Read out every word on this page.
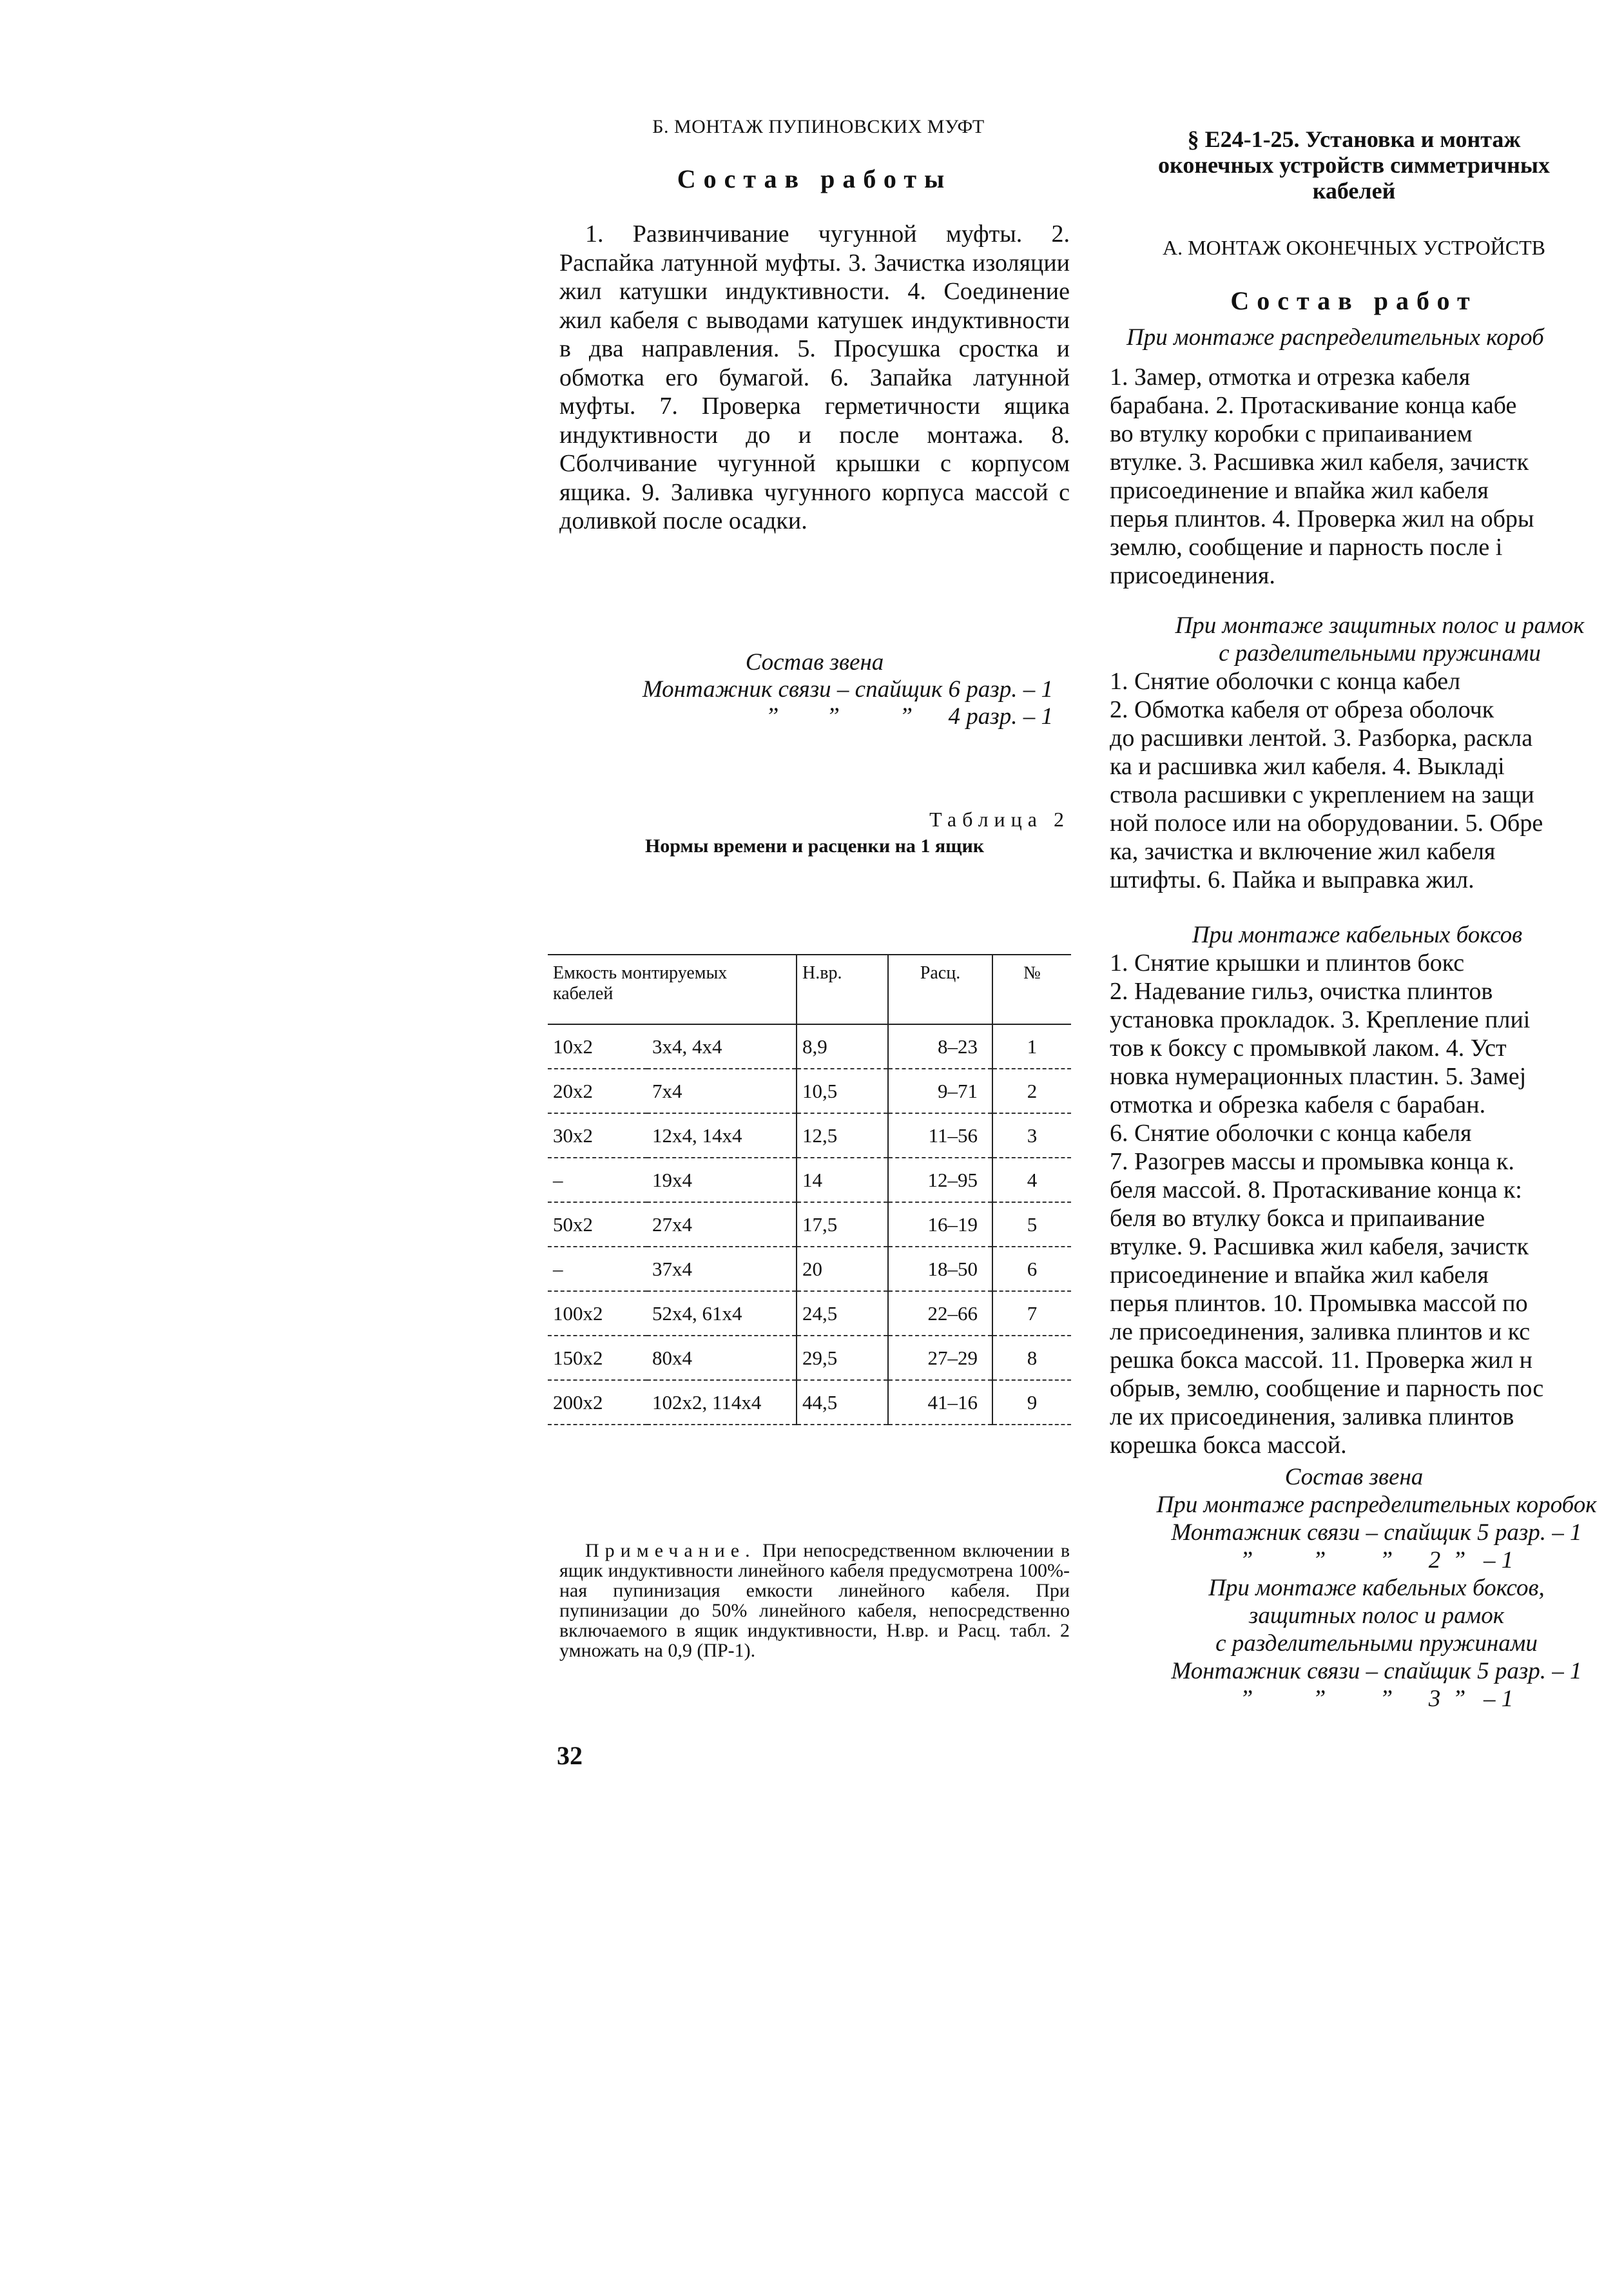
Б. МОНТАЖ ПУПИНОВСКИХ МУФТ
Состав работы
1. Развинчивание чугунной муфты. 2. Распайка латунной муфты. 3. Зачистка изоляции жил катушки индуктивности. 4. Соединение жил кабеля с выводами катушек индуктивности в два направления. 5. Просушка сростка и обмотка его бумагой. 6. Запайка латунной муфты. 7. Проверка герметичности ящика индуктивности до и после монтажа. 8. Сболчивание чугунной крышки с корпусом ящика. 9. Заливка чугунного корпуса массой с доливкой после осадки.
Состав звена
Монтажник связи – спайщик 6 разр. – 1
”        ”          ”      4 разр. – 1
Таблица 2
Нормы времени и расценки на 1 ящик
Емкость монтируемых кабелей		Н.вр.	Расц.	№
10x2	3x4, 4x4	8,9	8–23	1
20x2	7x4	10,5	9–71	2
30x2	12x4, 14x4	12,5	11–56	3
–	19x4	14	12–95	4
50x2	27x4	17,5	16–19	5
–	37x4	20	18–50	6
100x2	52x4, 61x4	24,5	22–66	7
150x2	80x4	29,5	27–29	8
200x2	102x2, 114x4	44,5	41–16	9
Примечание. При непосредственном включении в ящик индуктивности линейного кабеля предусмотрена 100%-ная пупинизация емкости линейного кабеля. При пупинизации до 50% линейного кабеля, непосредственно включаемого в ящик индуктивности, Н.вр. и Расц. табл. 2 умножать на 0,9 (ПР-1).
32
§ Е24-1-25. Установка и монтаж
оконечных устройств симметричных
кабелей
А. МОНТАЖ ОКОНЕЧНЫХ УСТРОЙСТВ
Состав работ
При монтаже распределительных короб
1. Замер, отмотка и отрезка кабеля
барабана. 2. Протаскивание конца кабе
во втулку коробки с припаиванием
втулке. 3. Расшивка жил кабеля, зачистк
присоединение и впайка жил кабеля
перья плинтов. 4. Проверка жил на обры
землю, сообщение и парность после і
присоединения.
При монтаже защитных полос и рамок
с разделительными пружинами
1. Снятие оболочки с конца кабел
2. Обмотка кабеля от обреза оболочк
до расшивки лентой. 3. Разборка, раскла
ка и расшивка жил кабеля. 4. Выкладі
ствола расшивки с укреплением на защи
ной полосе или на оборудовании. 5. Обре
ка, зачистка и включение жил кабеля
штифты. 6. Пайка и выправка жил.
При монтаже кабельных боксов
1. Снятие крышки и плинтов бокс
2. Надевание гильз, очистка плинтов
установка прокладок. 3. Крепление плиі
тов к боксу с промывкой лаком. 4. Уст
новка нумерационных пластин. 5. Замеј
отмотка и обрезка кабеля с барабан.
6. Снятие оболочки с конца кабеля
7. Разогрев массы и промывка конца к.
беля массой. 8. Протаскивание конца к:
беля во втулку бокса и припаивание
втулке. 9. Расшивка жил кабеля, зачистк
присоединение и впайка жил кабеля
перья плинтов. 10. Промывка массой по
ле присоединения, заливка плинтов и кс
решка бокса массой. 11. Проверка жил н
обрыв, землю, сообщение и парность пос
ле их присоединения, заливка плинтов
корешка бокса массой.
Состав звена
При монтаже распределительных коробок
Монтажник связи – спайщик 5 разр. – 1
”          ”         ”      2  ”   – 1
При монтаже кабельных боксов,
защитных полос и рамок
с разделительными пружинами
Монтажник связи – спайщик 5 разр. – 1
”          ”         ”      3  ”   – 1
